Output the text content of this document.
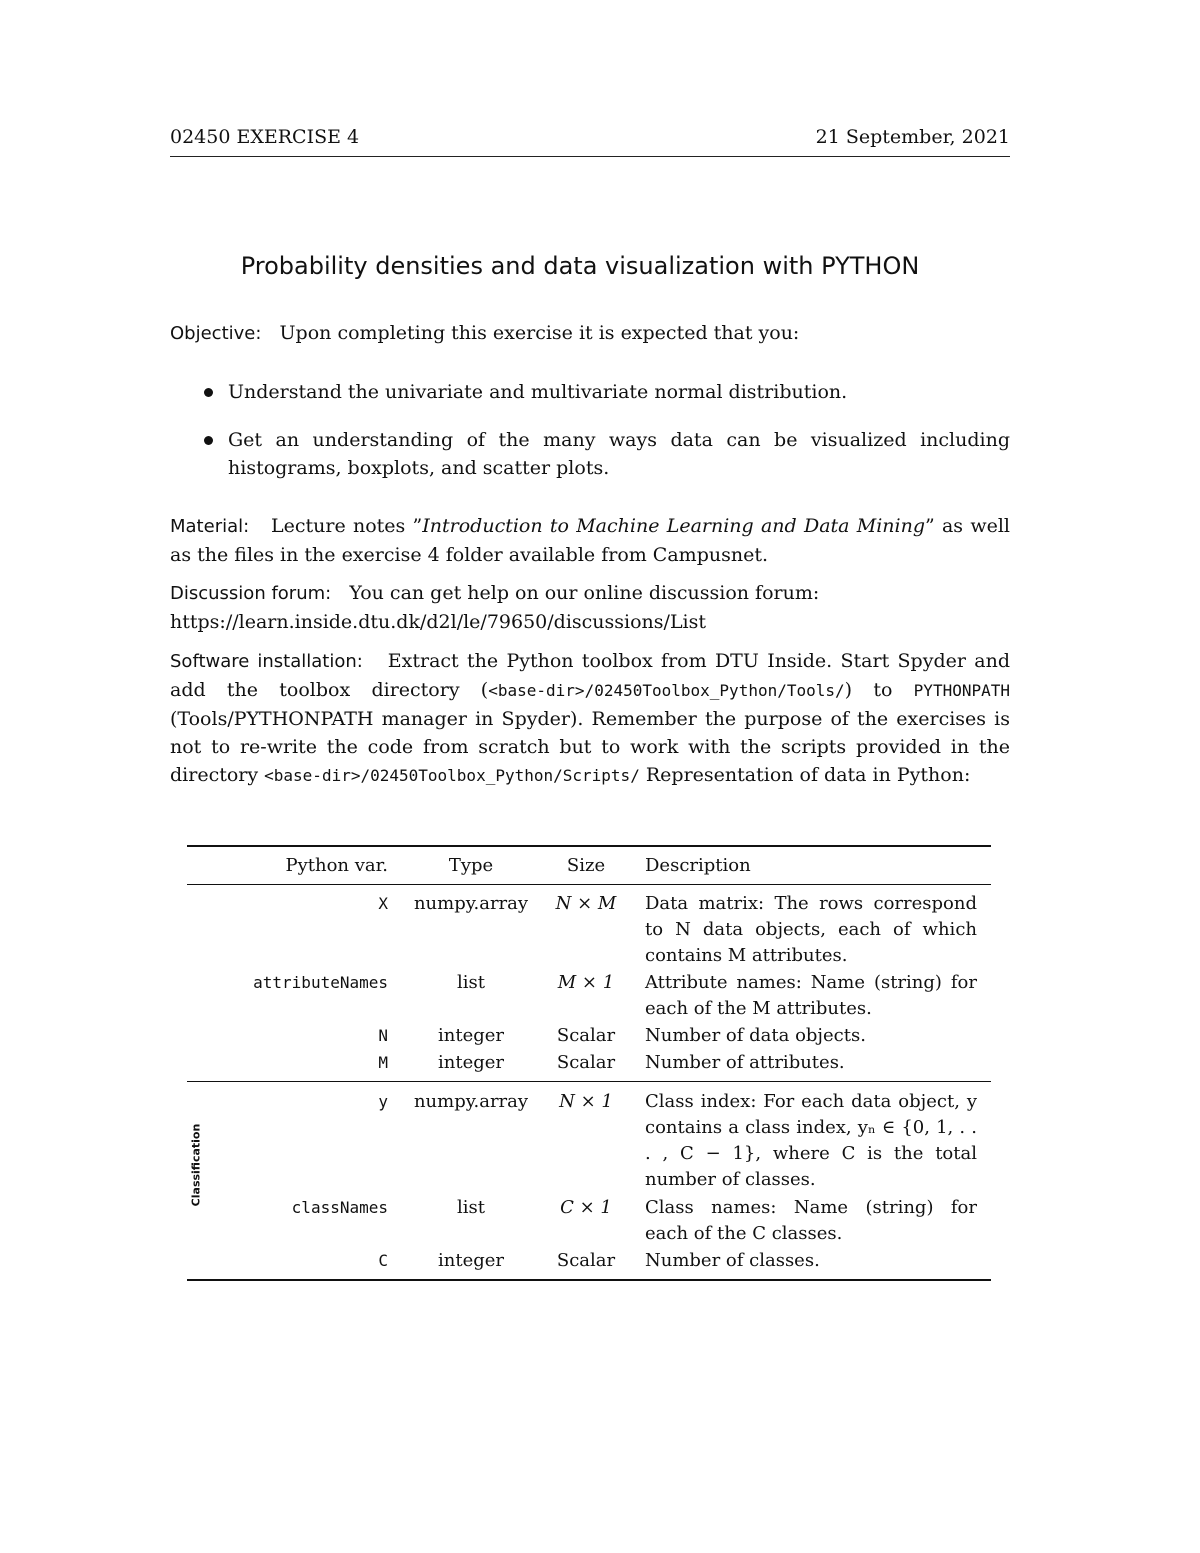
02450 EXERCISE 4	21 September, 2021
Probability densities and data visualization with PYTHON
Objective: Upon completing this exercise it is expected that you:
Understand the univariate and multivariate normal distribution.
Get an understanding of the many ways data can be visualized including histograms, boxplots, and scatter plots.
Material: Lecture notes ”Introduction to Machine Learning and Data Mining” as well as the files in the exercise 4 folder available from Campusnet.
Discussion forum: You can get help on our online discussion forum:
https://learn.inside.dtu.dk/d2l/le/79650/discussions/List
Software installation: Extract the Python toolbox from DTU Inside. Start Spyder and add the toolbox directory (<base-dir>/02450Toolbox_Python/Tools/) to PYTHONPATH (Tools/PYTHONPATH manager in Spyder). Remember the purpose of the exercises is not to re-write the code from scratch but to work with the scripts provided in the directory <base-dir>/02450Toolbox_Python/Scripts/ Representation of data in Python:
Python var.	Type	Size	Description
X	numpy.array	N × M	Data matrix: The rows correspond to N data objects, each of which contains M attributes.
attributeNames	list	M × 1	Attribute names: Name (string) for each of the M attributes.
N	integer	Scalar	Number of data objects.
M	integer	Scalar	Number of attributes.
Classification
y	numpy.array	N × 1	Class index: For each data object, y contains a class index, yₙ ∈ {0, 1, . . . , C − 1}, where C is the total number of classes.
classNames	list	C × 1	Class names: Name (string) for each of the C classes.
C	integer	Scalar	Number of classes.
